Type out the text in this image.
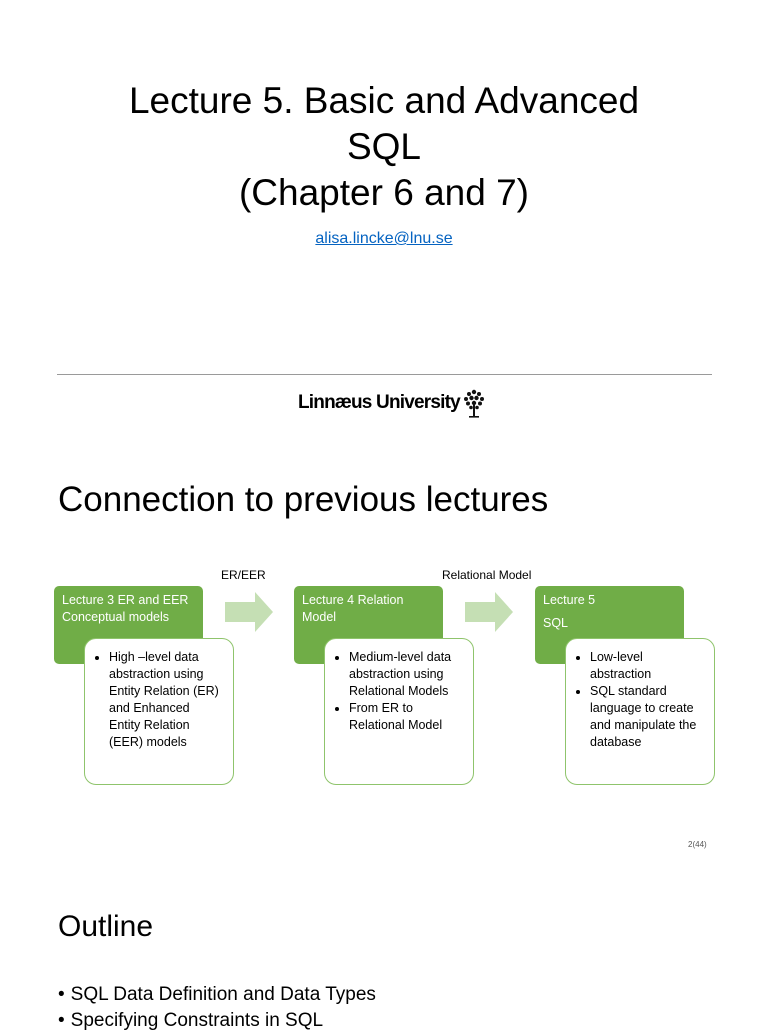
Lecture 5. Basic and Advanced
SQL
(Chapter 6 and 7)
alisa.lincke@lnu.se
Linnæus University
Connection to previous lectures
ER/EER	Relational Model
Lecture 3 ER and EER
Conceptual models
• High –level data abstraction using Entity Relation (ER) and Enhanced Entity Relation (EER) models
Lecture 4 Relation
Model
• Medium-level data abstraction using Relational Models
• From ER to Relational Model
Lecture 5
SQL
• Low-level abstraction
• SQL standard language to create and manipulate the database
2(44)
Outline
• SQL Data Definition and Data Types
• Specifying Constraints in SQL
